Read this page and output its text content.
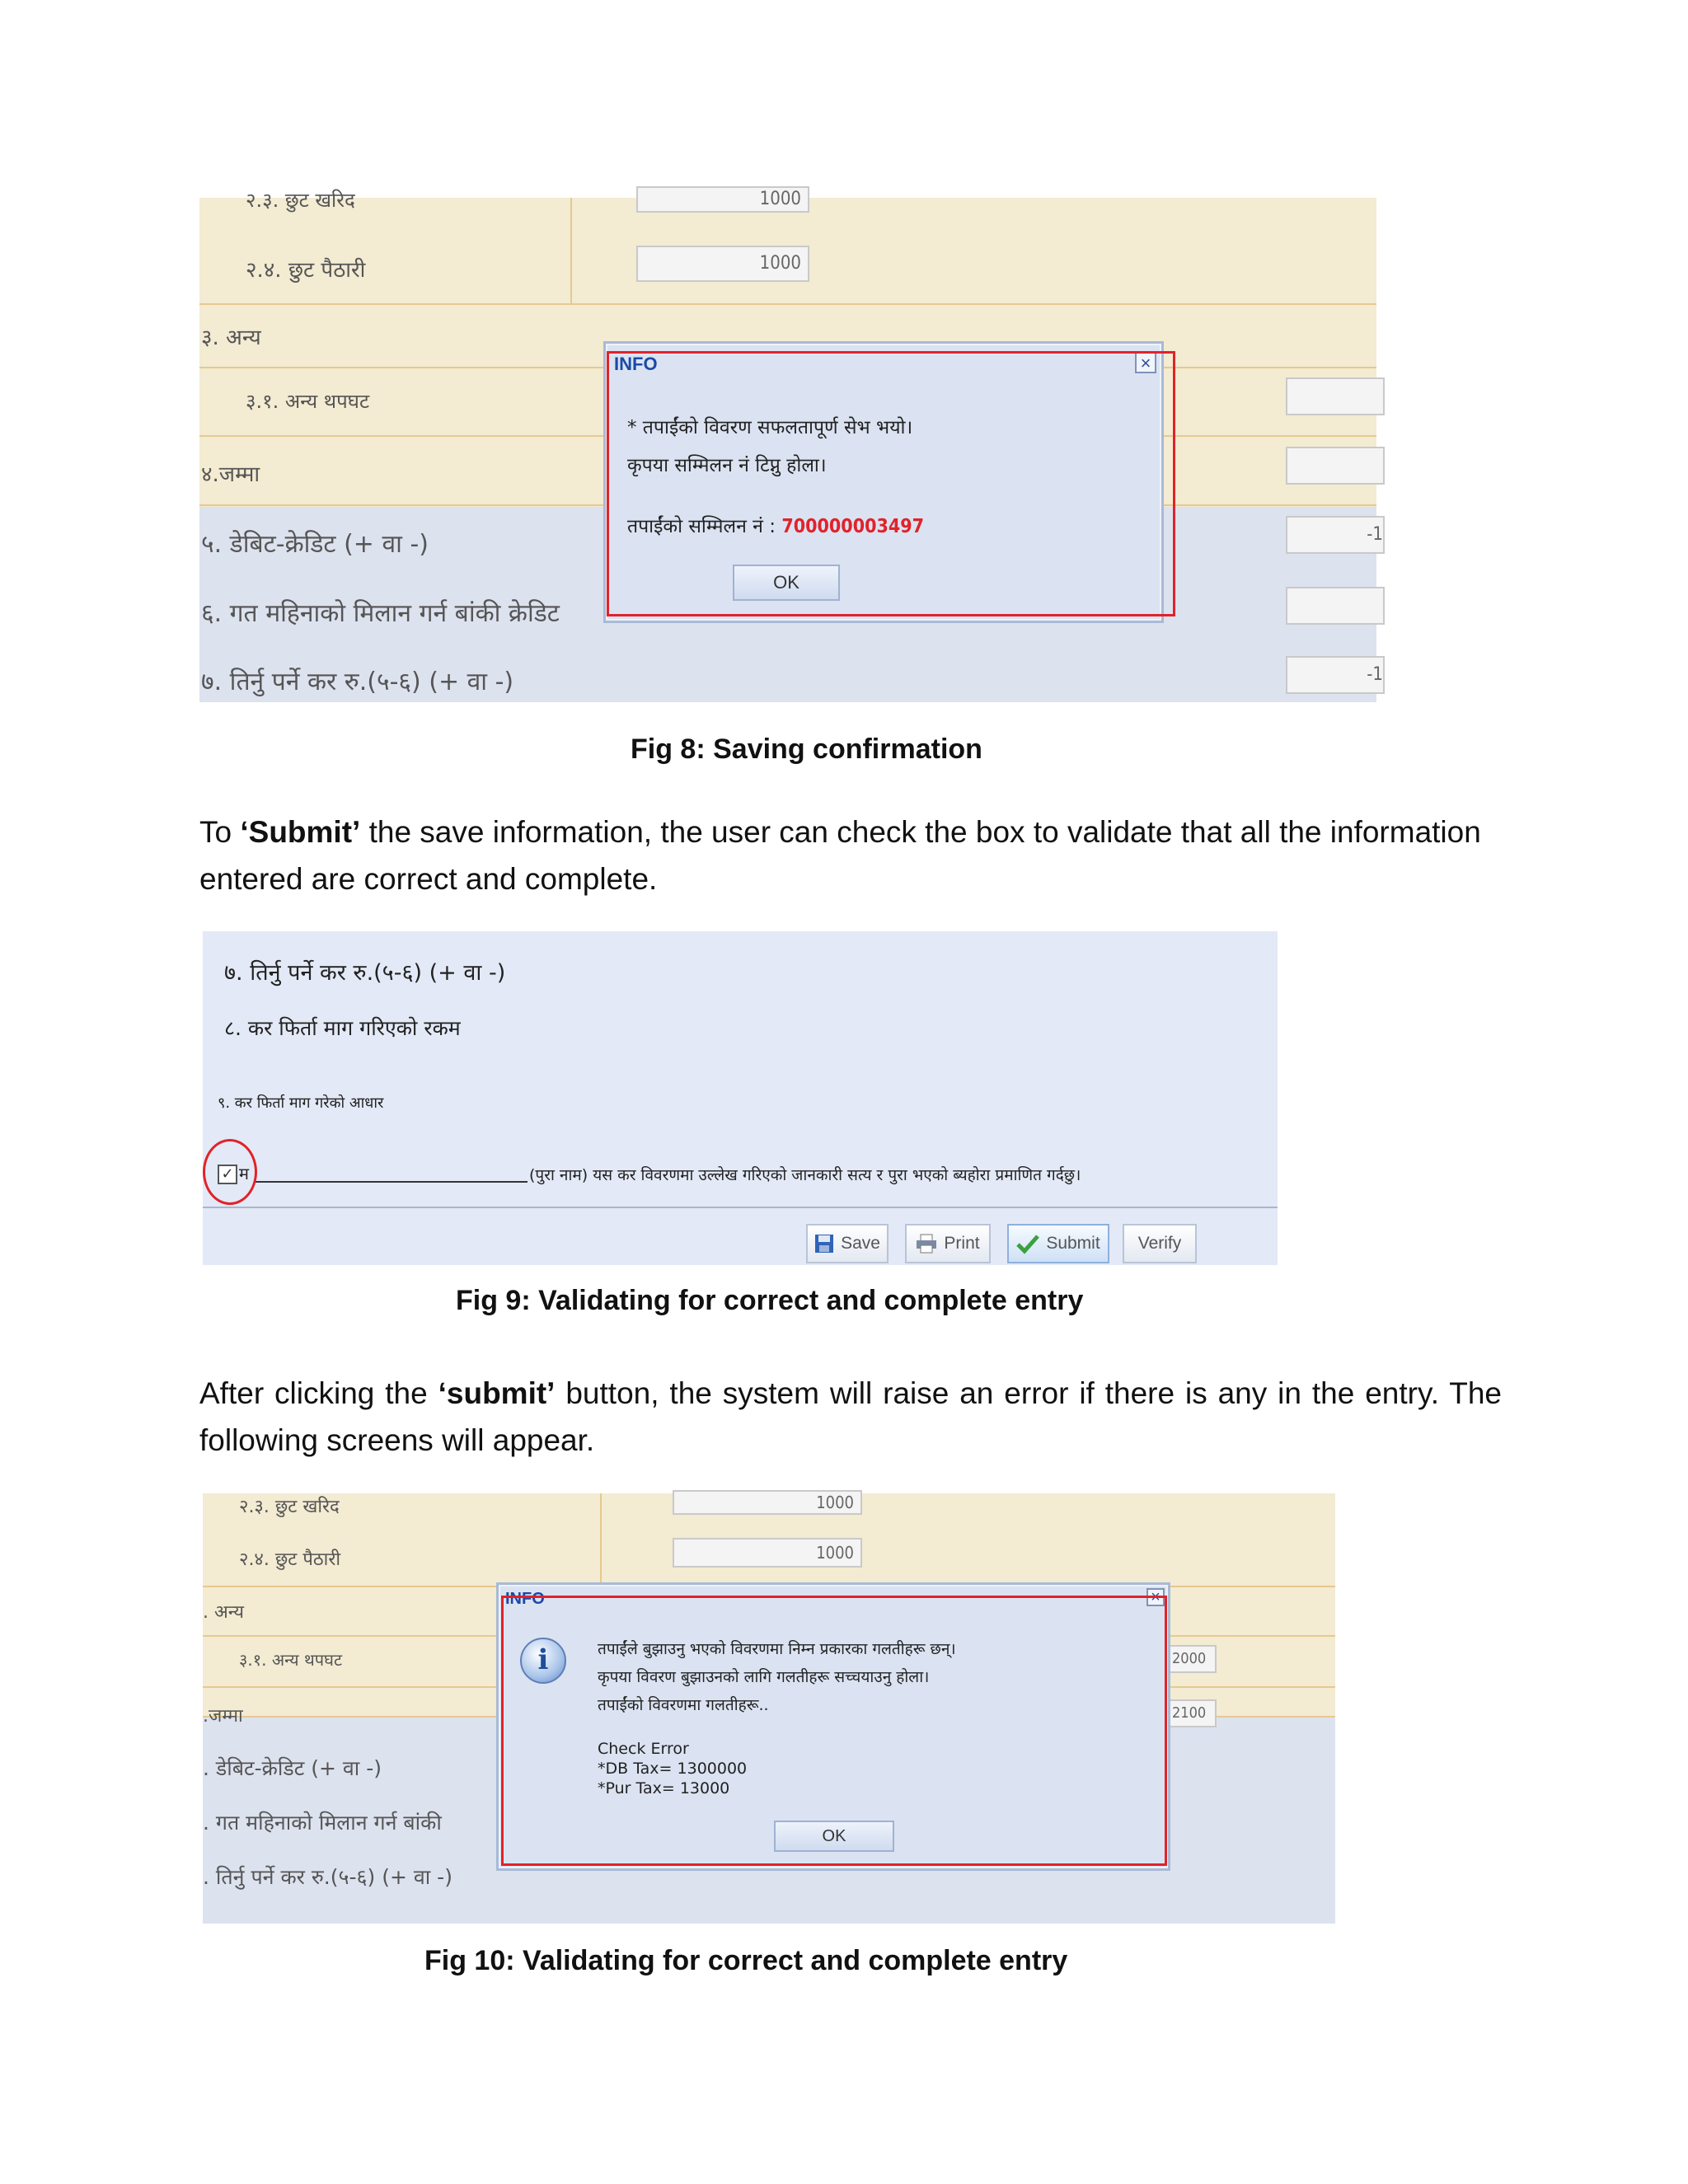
२.३. छुट खरिद	1000
२.४. छुट पैठारी	1000
३. अन्य
३.१. अन्य थपघट
४.जम्मा
५. डेबिट-क्रेडिट (+ वा -)	-1
६. गत महिनाको मिलान गर्न बांकी क्रेडिट
७. तिर्नु पर्ने कर रु.(५-६) (+ वा -)	-1
INFO	×
* तपाईंको विवरण सफलतापूर्ण सेभ भयो।
कृपया सम्मिलन नं टिप्नु होला।
तपाईंको सम्मिलन नं : 700000003497
OK
Fig 8: Saving confirmation
To ‘Submit’ the save information, the user can check the box to validate that all the information entered are correct and complete.
७. तिर्नु पर्ने कर रु.(५-६) (+ वा -)
८. कर फिर्ता माग गरिएको रकम
९. कर फिर्ता माग गरेको आधार
✓ म	(पुरा नाम) यस कर विवरणमा उल्लेख गरिएको जानकारी सत्य र पुरा भएको ब्यहोरा प्रमाणित गर्दछु।
Save	Print	Submit Verify
Fig 9: Validating for correct and complete entry
After clicking the ‘submit’ button, the system will raise an error if there is any in the entry. The following screens will appear.
२.३. छुट खरिद	1000
२.४. छुट पैठारी	1000
. अन्य
३.१. अन्य थपघट	2000
.जम्मा	2100
. डेबिट-क्रेडिट (+ वा -)
. गत महिनाको मिलान गर्न बांकी
. तिर्नु पर्ने कर रु.(५-६) (+ वा -)
INFO	×
i	तपाईंले बुझाउनु भएको विवरणमा निम्न प्रकारका गलतीहरू छन्।
कृपया विवरण बुझाउनको लागि गलतीहरू सच्चयाउनु होला।
तपाईंको विवरणमा गलतीहरू..
Check Error
*DB Tax= 1300000
*Pur Tax= 13000
OK
Fig 10: Validating for correct and complete entry
